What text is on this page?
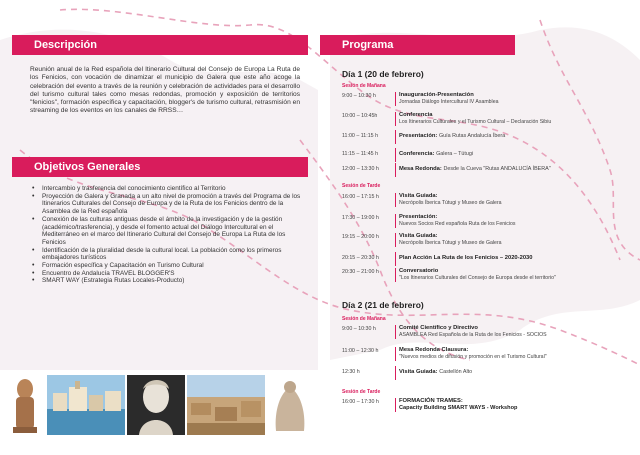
Descripción

Reunión anual de la Red española del Itinerario Cultural del Consejo de Europa La Ruta de los Fenicios, con vocación de dinamizar el municipio de Galera que este año acoge la celebración del evento a través de la reunión y celebración de actividades para el desarrollo del turismo cultural tales como mesas redondas, promoción y exposición de territorios "fenicios", formación específica y capacitación, blogger's de turismo cultural, retrasmisión en streaming de los eventos en los canales de RRSS…

Objetivos Generales
• Intercambio y trasferencia del conocimiento científico al Territorio
• Proyección de Galera y Granada a un alto nivel de promoción a través del Programa de los Itinerarios Culturales del Consejo de Europa y de la Ruta de los Fenicios dentro de la Asamblea de la Red española
• Conexión de las culturas antiguas desde el ámbito de la investigación y de la gestión (académico/trasferencia), y desde el fomento actual del Diálogo Intercultural en el Mediterráneo en el marco del Itinerario Cultural del Consejo de Europa La Ruta de los Fenicios
• Identificación de la pluralidad desde la cultural local. La población como los primeros embajadores turísticos
• Formación específica y Capacitación en Turismo Cultural
• Encuentro de Andalucía TRAVEL BLOGGER'S
• SMART WAY (Estrategia Rutas Locales-Producto)
Programa
Día 1 (20 de febrero)
Sesión de Mañana
9:00 – 10:30 h	Inauguración-Presentación
Jornadas Diálogo Intercultural IV Asamblea
10:00 – 10:45h	Conferencia
Los Itinerarios Culturales y el Turismo Cultural – Declaración Sibiu
11:00 – 11:15 h	Presentación: Guía Rutas Andalucía Íbera
11:15 – 11:45 h	Conferencia: Galera – Tútugi
12:00 – 13:30 h	Mesa Redonda: Desde la Cueva "Rutas ANDALUCÍA ÍBERA"
Sesión de Tarde
16:00 – 17:15 h	Visita Guiada:
Necrópolis Íberica Tútugi y Museo de Galera
17:30 – 19:00 h	Presentación:
Nuevos Socios Red española Ruta de los Fenicios
19:15 – 20:00 h	Visita Guiada:
Necrópolis Íberica Tútugi y Museo de Galera
20:15 – 20:30 h	Plan Acción La Ruta de los Fenicios – 2020-2030
20:30 – 21:00 h	Conversatorio
"Los Itinerarios Culturales del Consejo de Europa desde el territorio"
Día 2 (21 de febrero)
Sesión de Mañana
9:00 – 10:30 h	Comité Científico y Directivo
ASAMBLEA Red Española de la Ruta de los Fenicios - SOCIOS
11:00 – 12:30 h	Mesa Redonda Clausura:
"Nuevos medios de difusión y promoción en el Turismo Cultural"
12:30 h	Visita Guiada: Castellón Alto
Sesión de Tarde
16:00 – 17:30 h	FORMACIÓN TRAMES:
Capacity Building SMART WAYS - Workshop
